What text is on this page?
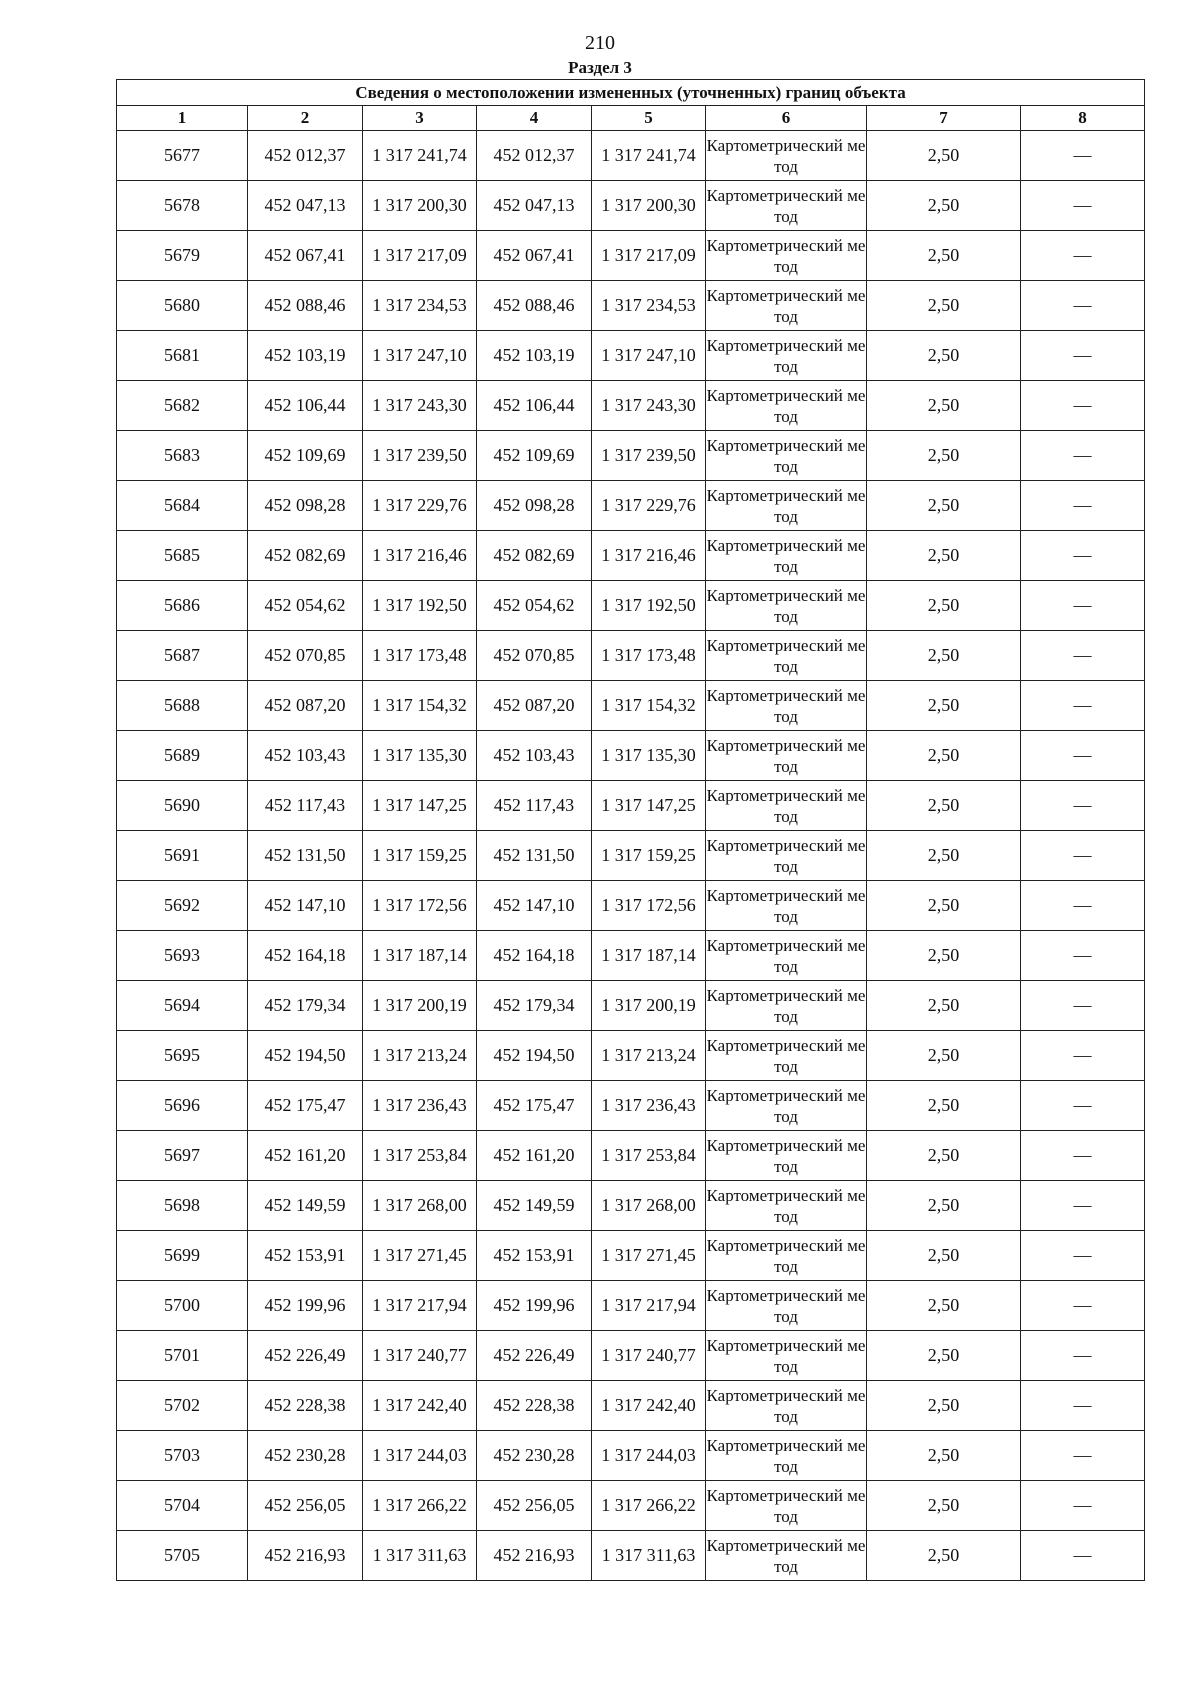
210
Раздел 3
Сведения о местоположении измененных (уточненных) границ объекта							
1	2	3	4	5	6	7	8
5677	452 012,37	1 317 241,74	452 012,37	1 317 241,74	Картометрический метод	2,50	—
5678	452 047,13	1 317 200,30	452 047,13	1 317 200,30	Картометрический метод	2,50	—
5679	452 067,41	1 317 217,09	452 067,41	1 317 217,09	Картометрический метод	2,50	—
5680	452 088,46	1 317 234,53	452 088,46	1 317 234,53	Картометрический метод	2,50	—
5681	452 103,19	1 317 247,10	452 103,19	1 317 247,10	Картометрический метод	2,50	—
5682	452 106,44	1 317 243,30	452 106,44	1 317 243,30	Картометрический метод	2,50	—
5683	452 109,69	1 317 239,50	452 109,69	1 317 239,50	Картометрический метод	2,50	—
5684	452 098,28	1 317 229,76	452 098,28	1 317 229,76	Картометрический метод	2,50	—
5685	452 082,69	1 317 216,46	452 082,69	1 317 216,46	Картометрический метод	2,50	—
5686	452 054,62	1 317 192,50	452 054,62	1 317 192,50	Картометрический метод	2,50	—
5687	452 070,85	1 317 173,48	452 070,85	1 317 173,48	Картометрический метод	2,50	—
5688	452 087,20	1 317 154,32	452 087,20	1 317 154,32	Картометрический метод	2,50	—
5689	452 103,43	1 317 135,30	452 103,43	1 317 135,30	Картометрический метод	2,50	—
5690	452 117,43	1 317 147,25	452 117,43	1 317 147,25	Картометрический метод	2,50	—
5691	452 131,50	1 317 159,25	452 131,50	1 317 159,25	Картометрический метод	2,50	—
5692	452 147,10	1 317 172,56	452 147,10	1 317 172,56	Картометрический метод	2,50	—
5693	452 164,18	1 317 187,14	452 164,18	1 317 187,14	Картометрический метод	2,50	—
5694	452 179,34	1 317 200,19	452 179,34	1 317 200,19	Картометрический метод	2,50	—
5695	452 194,50	1 317 213,24	452 194,50	1 317 213,24	Картометрический метод	2,50	—
5696	452 175,47	1 317 236,43	452 175,47	1 317 236,43	Картометрический метод	2,50	—
5697	452 161,20	1 317 253,84	452 161,20	1 317 253,84	Картометрический метод	2,50	—
5698	452 149,59	1 317 268,00	452 149,59	1 317 268,00	Картометрический метод	2,50	—
5699	452 153,91	1 317 271,45	452 153,91	1 317 271,45	Картометрический метод	2,50	—
5700	452 199,96	1 317 217,94	452 199,96	1 317 217,94	Картометрический метод	2,50	—
5701	452 226,49	1 317 240,77	452 226,49	1 317 240,77	Картометрический метод	2,50	—
5702	452 228,38	1 317 242,40	452 228,38	1 317 242,40	Картометрический метод	2,50	—
5703	452 230,28	1 317 244,03	452 230,28	1 317 244,03	Картометрический метод	2,50	—
5704	452 256,05	1 317 266,22	452 256,05	1 317 266,22	Картометрический метод	2,50	—
5705	452 216,93	1 317 311,63	452 216,93	1 317 311,63	Картометрический метод	2,50	—
